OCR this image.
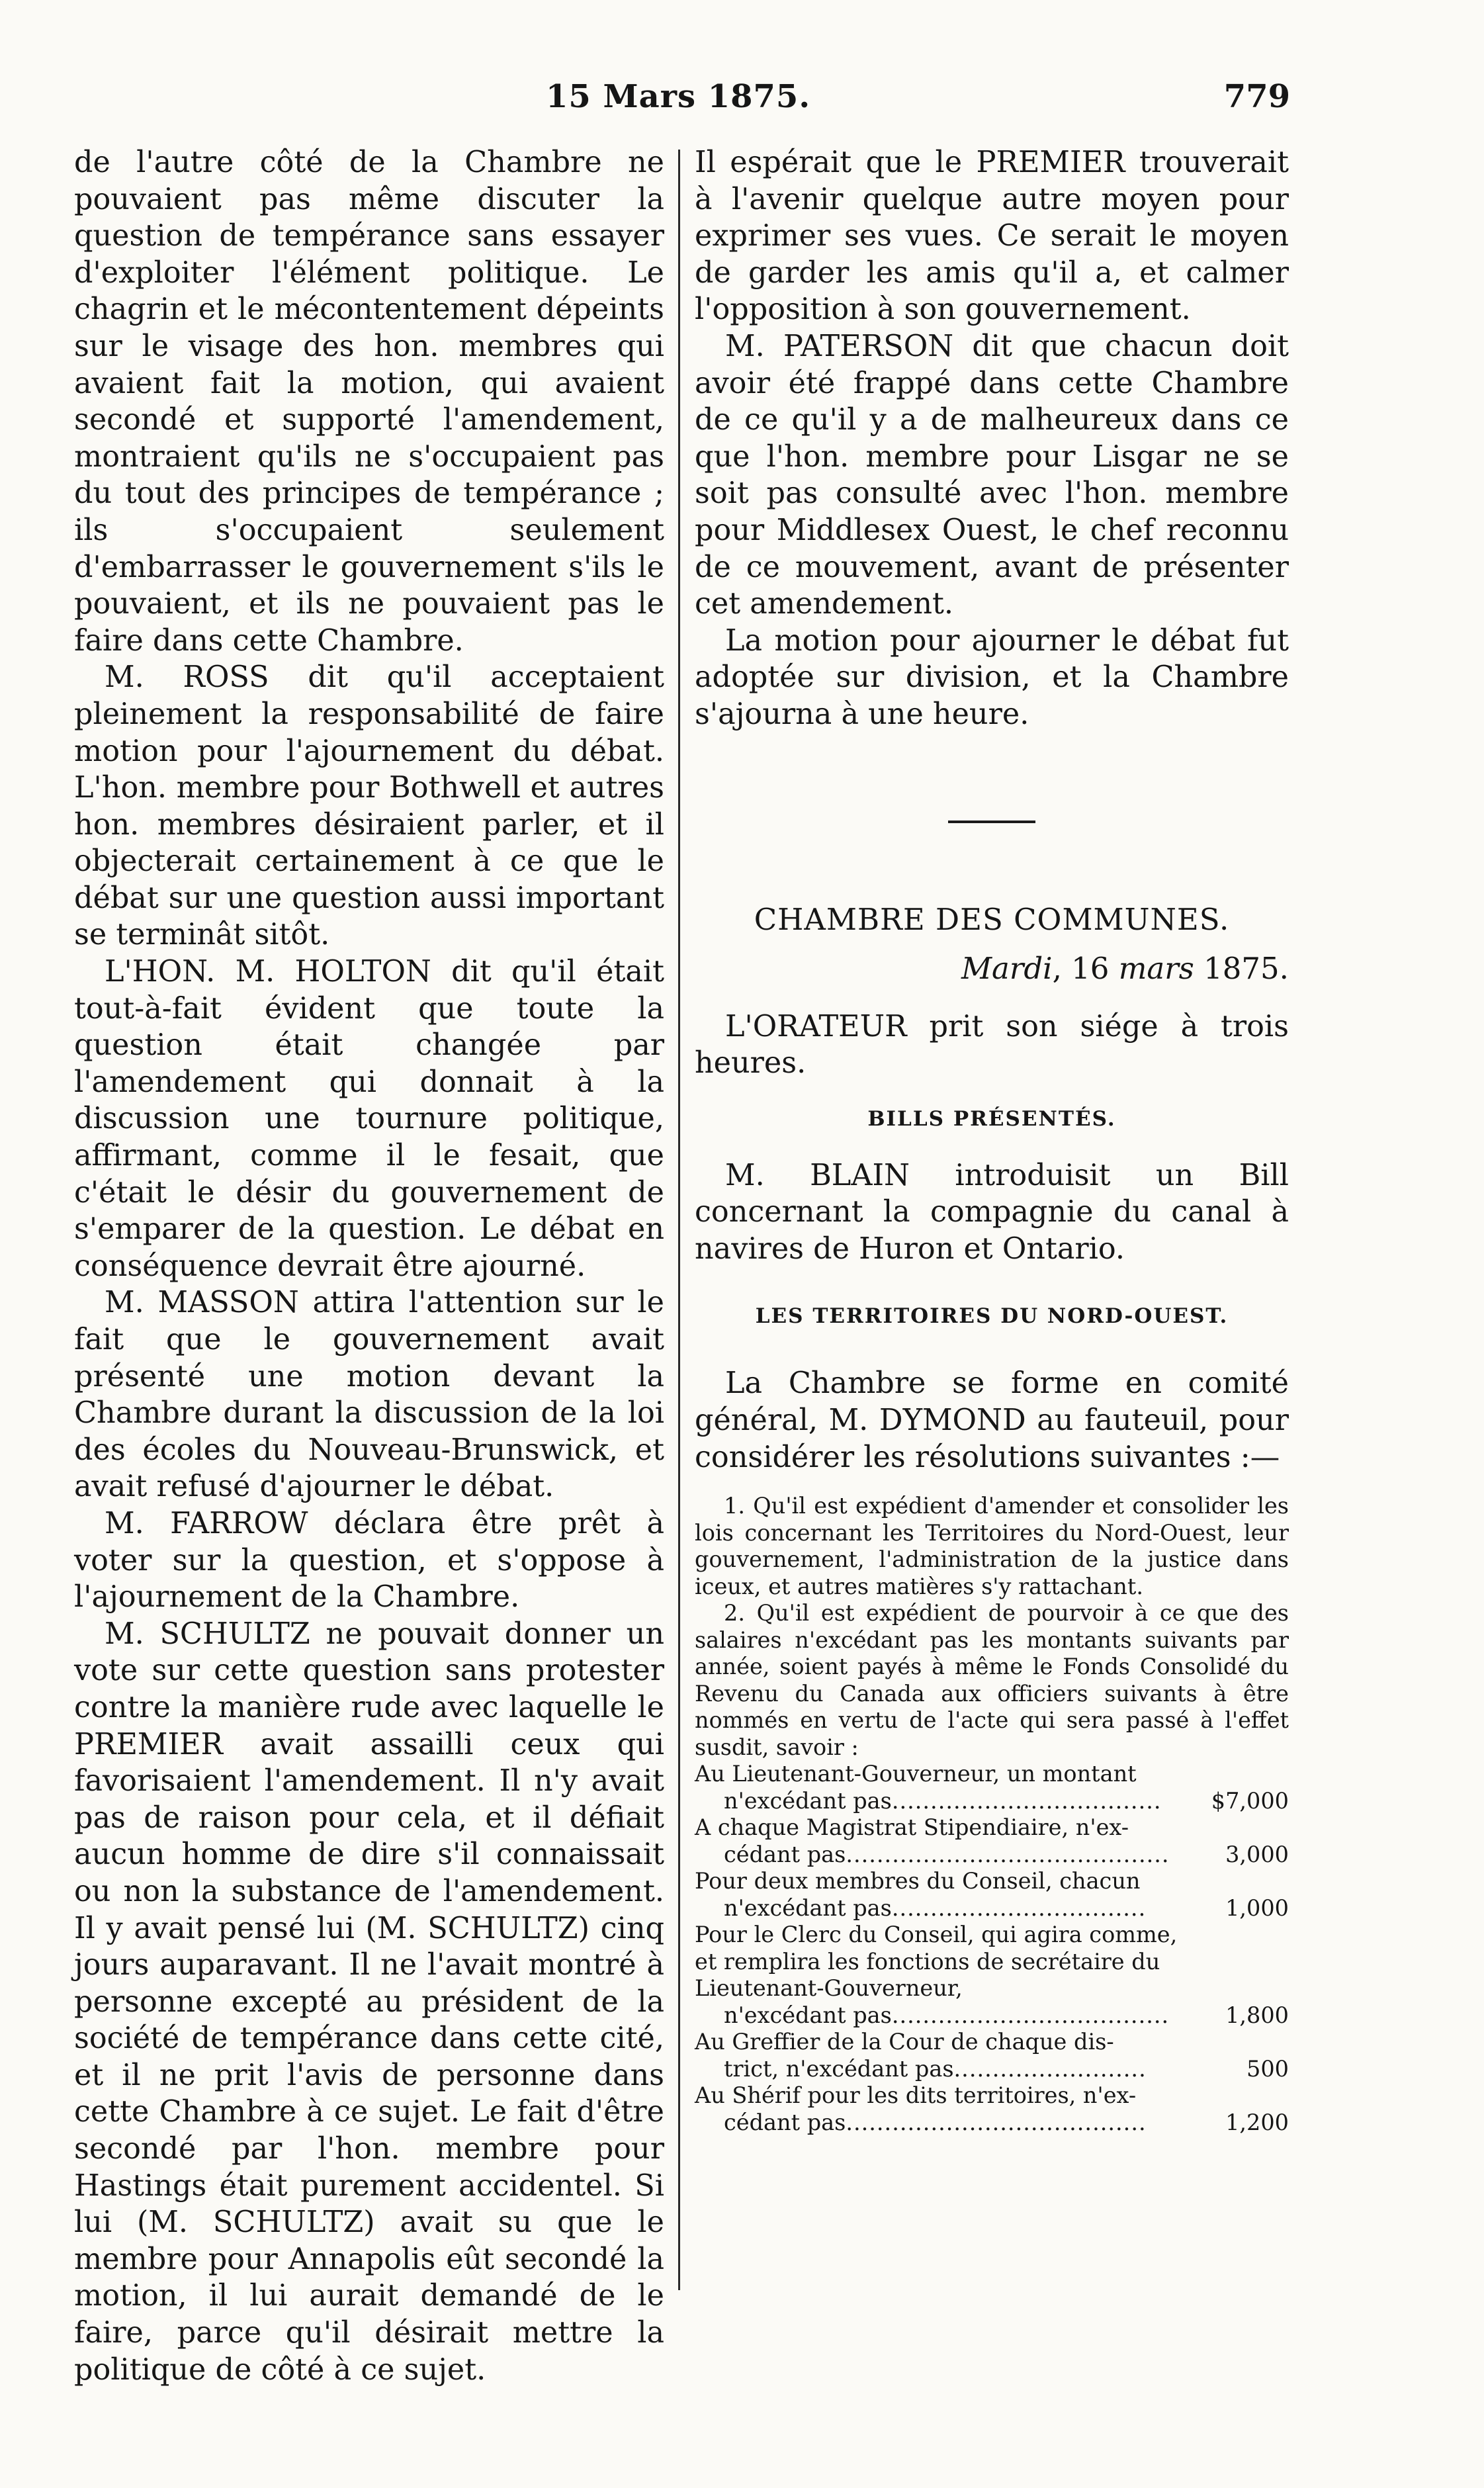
15 Mars 1875.	779

de l'autre côté de la Chambre ne pouvaient pas même discuter la question de tempérance sans essayer d'exploiter l'élément politique. Le chagrin et le mécontentement dépeints sur le visage des hon. membres qui avaient fait la motion, qui avaient secondé et supporté l'amendement, montraient qu'ils ne s'occupaient pas du tout des principes de tempérance ; ils s'occupaient seulement d'embarrasser le gouvernement s'ils le pouvaient, et ils ne pouvaient pas le faire dans cette Chambre.

M. ROSS dit qu'il acceptaient pleinement la responsabilité de faire motion pour l'ajournement du débat. L'hon. membre pour Bothwell et autres hon. membres désiraient parler, et il objecterait certainement à ce que le débat sur une question aussi important se terminât sitôt.

L'HON. M. HOLTON dit qu'il était tout-à-fait évident que toute la question était changée par l'amendement qui donnait à la discussion une tournure politique, affirmant, comme il le fesait, que c'était le désir du gouvernement de s'emparer de la question. Le débat en conséquence devrait être ajourné.

M. MASSON attira l'attention sur le fait que le gouvernement avait présenté une motion devant la Chambre durant la discussion de la loi des écoles du Nouveau-Brunswick, et avait refusé d'ajourner le débat.

M. FARROW déclara être prêt à voter sur la question, et s'oppose à l'ajournement de la Chambre.

M. SCHULTZ ne pouvait donner un vote sur cette question sans protester contre la manière rude avec laquelle le PREMIER avait assailli ceux qui favorisaient l'amendement. Il n'y avait pas de raison pour cela, et il défiait aucun homme de dire s'il connaissait ou non la substance de l'amendement. Il y avait pensé lui (M. SCHULTZ) cinq jours auparavant. Il ne l'avait montré à personne excepté au président de la société de tempérance dans cette cité, et il ne prit l'avis de personne dans cette Chambre à ce sujet. Le fait d'être secondé par l'hon. membre pour Hastings était purement accidentel. Si lui (M. SCHULTZ) avait su que le membre pour Annapolis eût secondé la motion, il lui aurait demandé de le faire, parce qu'il désirait mettre la politique de côté à ce sujet.

Il espérait que le PREMIER trouverait à l'avenir quelque autre moyen pour exprimer ses vues. Ce serait le moyen de garder les amis qu'il a, et calmer l'opposition à son gouvernement.

M. PATERSON dit que chacun doit avoir été frappé dans cette Chambre de ce qu'il y a de malheureux dans ce que l'hon. membre pour Lisgar ne se soit pas consulté avec l'hon. membre pour Middlesex Ouest, le chef reconnu de ce mouvement, avant de présenter cet amendement.

La motion pour ajourner le débat fut adoptée sur division, et la Chambre s'ajourna à une heure.

CHAMBRE DES COMMUNES.
Mardi, 16 mars 1875.

L'ORATEUR prit son siége à trois heures.

BILLS PRÉSENTÉS.

M. BLAIN introduisit un Bill concernant la compagnie du canal à navires de Huron et Ontario.

LES TERRITOIRES DU NORD-OUEST.

La Chambre se forme en comité général, M. DYMOND au fauteuil, pour considérer les résolutions suivantes :—

1. Qu'il est expédient d'amender et consolider les lois concernant les Territoires du Nord-Ouest, leur gouvernement, l'administration de la justice dans iceux, et autres matières s'y rattachant.

2. Qu'il est expédient de pourvoir à ce que des salaires n'excédant pas les montants suivants par année, soient payés à même le Fonds Consolidé du Revenu du Canada aux officiers suivants à être nommés en vertu de l'acte qui sera passé à l'effet susdit, savoir :

Au Lieutenant-Gouverneur, un montant
n'excédant pas...................................	$7,000

A chaque Magistrat Stipendiaire, n'ex-
cédant pas..........................................	3,000

Pour deux membres du Conseil, chacun
n'excédant pas.................................	1,000

Pour le Clerc du Conseil, qui agira comme, et remplira les fonctions de secrétaire du Lieutenant-Gouverneur,
n'excédant pas....................................	1,800

Au Greffier de la Cour de chaque dis-
trict, n'excédant pas.........................	500

Au Shérif pour les dits territoires, n'ex-
cédant pas.......................................	1,200
